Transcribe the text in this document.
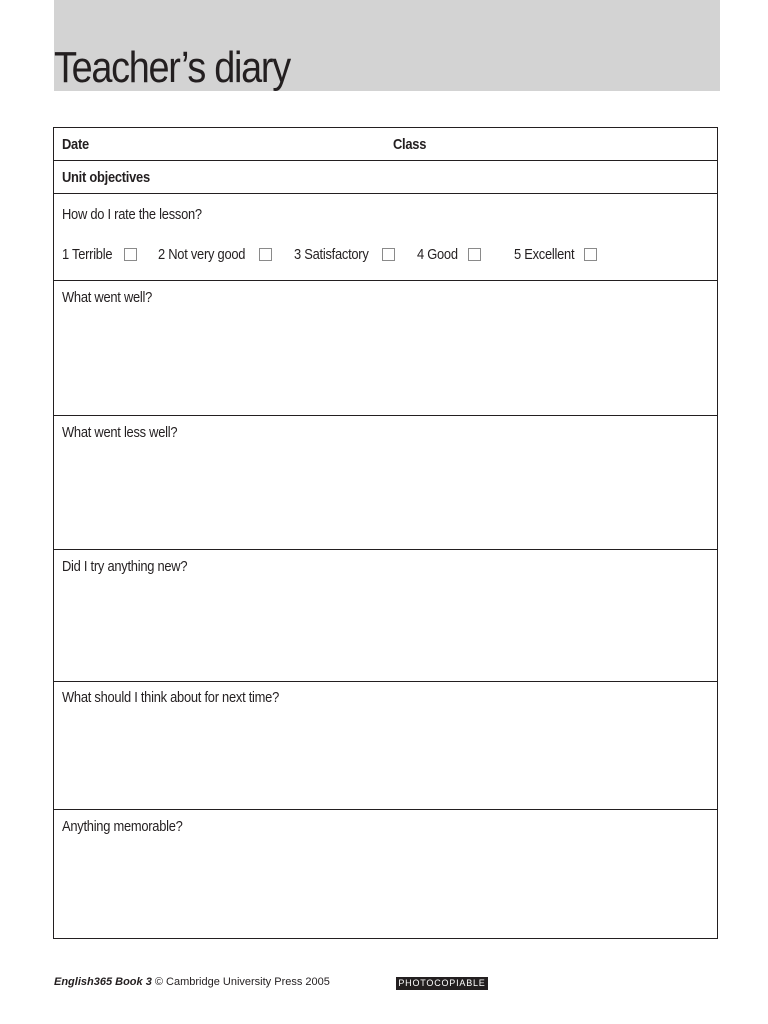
Teacher’s diary
Date	Class
Unit objectives
How do I rate the lesson?
1 Terrible	2 Not very good	3 Satisfactory	4 Good	5 Excellent
What went well?
What went less well?
Did I try anything new?
What should I think about for next time?
Anything memorable?
English365 Book 3 © Cambridge University Press 2005	PHOTOCOPIABLE
